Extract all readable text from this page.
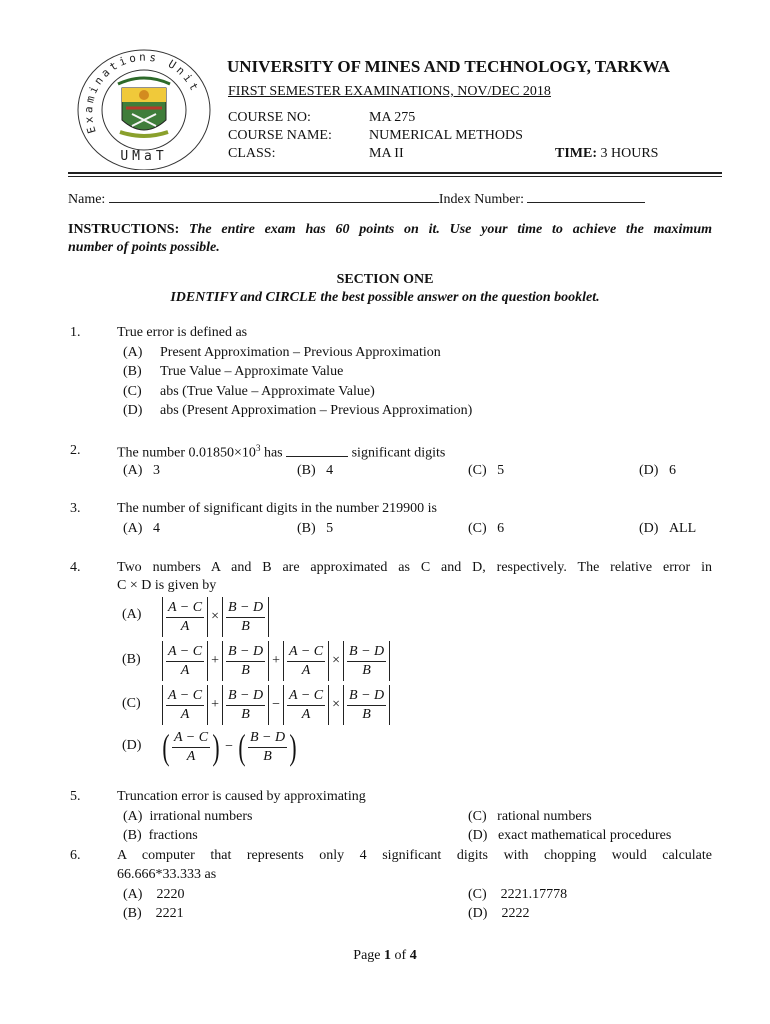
Examinations Unit
UMaT
UNIVERSITY OF MINES AND TECHNOLOGY, TARKWA
FIRST SEMESTER EXAMINATIONS, NOV/DEC 2018
COURSE NO:	MA 275
COURSE NAME:	NUMERICAL METHODS
CLASS:	MA II	TIME: 3 HOURS
Name:	Index Number:
INSTRUCTIONS: The entire exam has 60 points on it. Use your time to achieve the maximum
number of points possible.
SECTION ONE
IDENTIFY and CIRCLE the best possible answer on the question booklet.
1.	True error is defined as
(A) Present Approximation – Previous Approximation
(B) True Value – Approximate Value
(C) abs (True Value – Approximate Value)
(D) abs (Present Approximation – Previous Approximation)
2.	The number $0.01850\times 10^3$ has	significant digits
(A) 3	(B) 4	(C) 5	(D) 6
3.	The number of significant digits in the number 219900 is
(A) 4	(B) 5	(C) 6	(D) ALL
4.	Two numbers A and B are approximated as C and D, respectively. The relative error in
C × D is given by
$(A) \frac{A - C}{A} \times \frac{B - D}{B}$
$(B) \frac{A - C}{A} + \frac{B - D}{B} + \frac{A - C}{A} \times \frac{B - D}{B}$
$(C) \frac{A - C}{A} + \frac{B - D}{B} - \frac{A - C}{A} \times \frac{B - D}{B}$
(D) ( $\frac{A - C}{A}$ ) − ( $\frac{B - D}{B}$ )
5.	Truncation error is caused by approximating
(A) irrational numbers
(B) fractions
(C) rational numbers
(D) exact mathematical procedures
6.	A computer that represents only 4 significant digits with chopping would calculate
66.666*33.333 as
(A) 2220
(B) 2221
(C) 2221.17778
(D) 2222
Page 1 of 4
